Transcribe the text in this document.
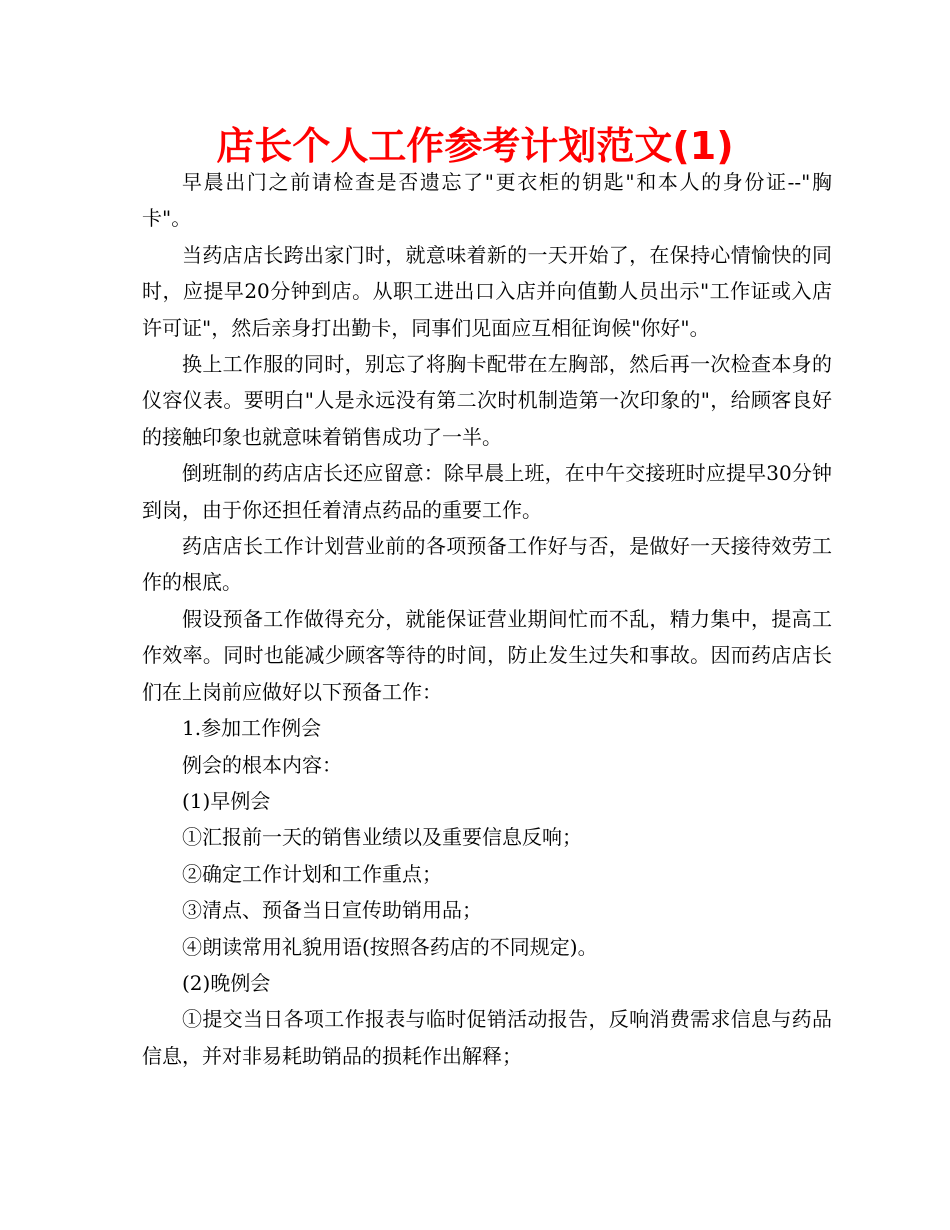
店长个人工作参考计划范文(1)

早晨出门之前请检查是否遗忘了"更衣柜的钥匙"和本人的身份证--"胸卡"。

当药店店长跨出家门时，就意味着新的一天开始了，在保持心情愉快的同时，应提早20分钟到店。从职工进出口入店并向值勤人员出示"工作证或入店许可证"，然后亲身打出勤卡，同事们见面应互相征询候"你好"。

换上工作服的同时，别忘了将胸卡配带在左胸部，然后再一次检查本身的仪容仪表。要明白"人是永远没有第二次时机制造第一次印象的"，给顾客良好的接触印象也就意味着销售成功了一半。

倒班制的药店店长还应留意：除早晨上班，在中午交接班时应提早30分钟到岗，由于你还担任着清点药品的重要工作。

药店店长工作计划营业前的各项预备工作好与否，是做好一天接待效劳工作的根底。

假设预备工作做得充分，就能保证营业期间忙而不乱，精力集中，提高工作效率。同时也能减少顾客等待的时间，防止发生过失和事故。因而药店店长们在上岗前应做好以下预备工作：

1.参加工作例会

例会的根本内容：

(1)早例会

①汇报前一天的销售业绩以及重要信息反响；

②确定工作计划和工作重点；

③清点、预备当日宣传助销用品；

④朗读常用礼貌用语(按照各药店的不同规定)。

(2)晚例会

①提交当日各项工作报表与临时促销活动报告，反响消费需求信息与药品信息，并对非易耗助销品的损耗作出解释；
